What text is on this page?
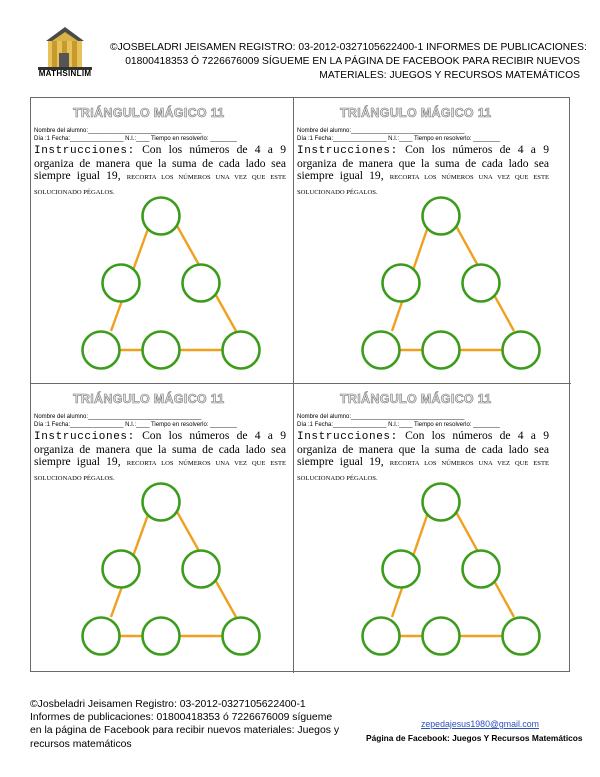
MATHSINLIM
©JOSBELADRI JEISAMEN REGISTRO: 03-2012-0327105622400-1 INFORMES DE PUBLICACIONES:
01800418353 Ó 7226676009 SÍGUEME EN LA PÁGINA DE FACEBOOK PARA RECIBIR NUEVOS
MATERIALES: JUEGOS Y RECURSOS MATEMÁTICOS
TRIÁNGULO MÁGICO 11
Nombre del alumno:__________________________________
Día :1 Fecha:________________ N.I.:____ Tiempo en resolverlo: ________
Instrucciones: Con los números de 4 a 9 organiza de manera que la suma de cada lado sea siempre igual 19, RECORTA LOS NÚMEROS UNA VEZ QUE ESTE SOLUCIONADO PÉGALOS.
TRIÁNGULO MÁGICO 11
Nombre del alumno:__________________________________
Día :1 Fecha:________________ N.I.:____ Tiempo en resolverlo: ________
Instrucciones: Con los números de 4 a 9 organiza de manera que la suma de cada lado sea siempre igual 19, RECORTA LOS NÚMEROS UNA VEZ QUE ESTE SOLUCIONADO PÉGALOS.
TRIÁNGULO MÁGICO 11
Nombre del alumno:__________________________________
Día :1 Fecha:________________ N.I.:____ Tiempo en resolverlo: ________
Instrucciones: Con los números de 4 a 9 organiza de manera que la suma de cada lado sea siempre igual 19, RECORTA LOS NÚMEROS UNA VEZ QUE ESTE SOLUCIONADO PÉGALOS.
TRIÁNGULO MÁGICO 11
Nombre del alumno:__________________________________
Día :1 Fecha:________________ N.I.:____ Tiempo en resolverlo: ________
Instrucciones: Con los números de 4 a 9 organiza de manera que la suma de cada lado sea siempre igual 19, RECORTA LOS NÚMEROS UNA VEZ QUE ESTE SOLUCIONADO PÉGALOS.
©Josbeladri Jeisamen Registro: 03-2012-0327105622400-1
Informes de publicaciones: 01800418353 ó 7226676009 sígueme
en la página de Facebook para recibir nuevos materiales: Juegos y
recursos matemáticos
zepedajesus1980@gmail.com
Página de Facebook: Juegos Y Recursos Matemáticos
